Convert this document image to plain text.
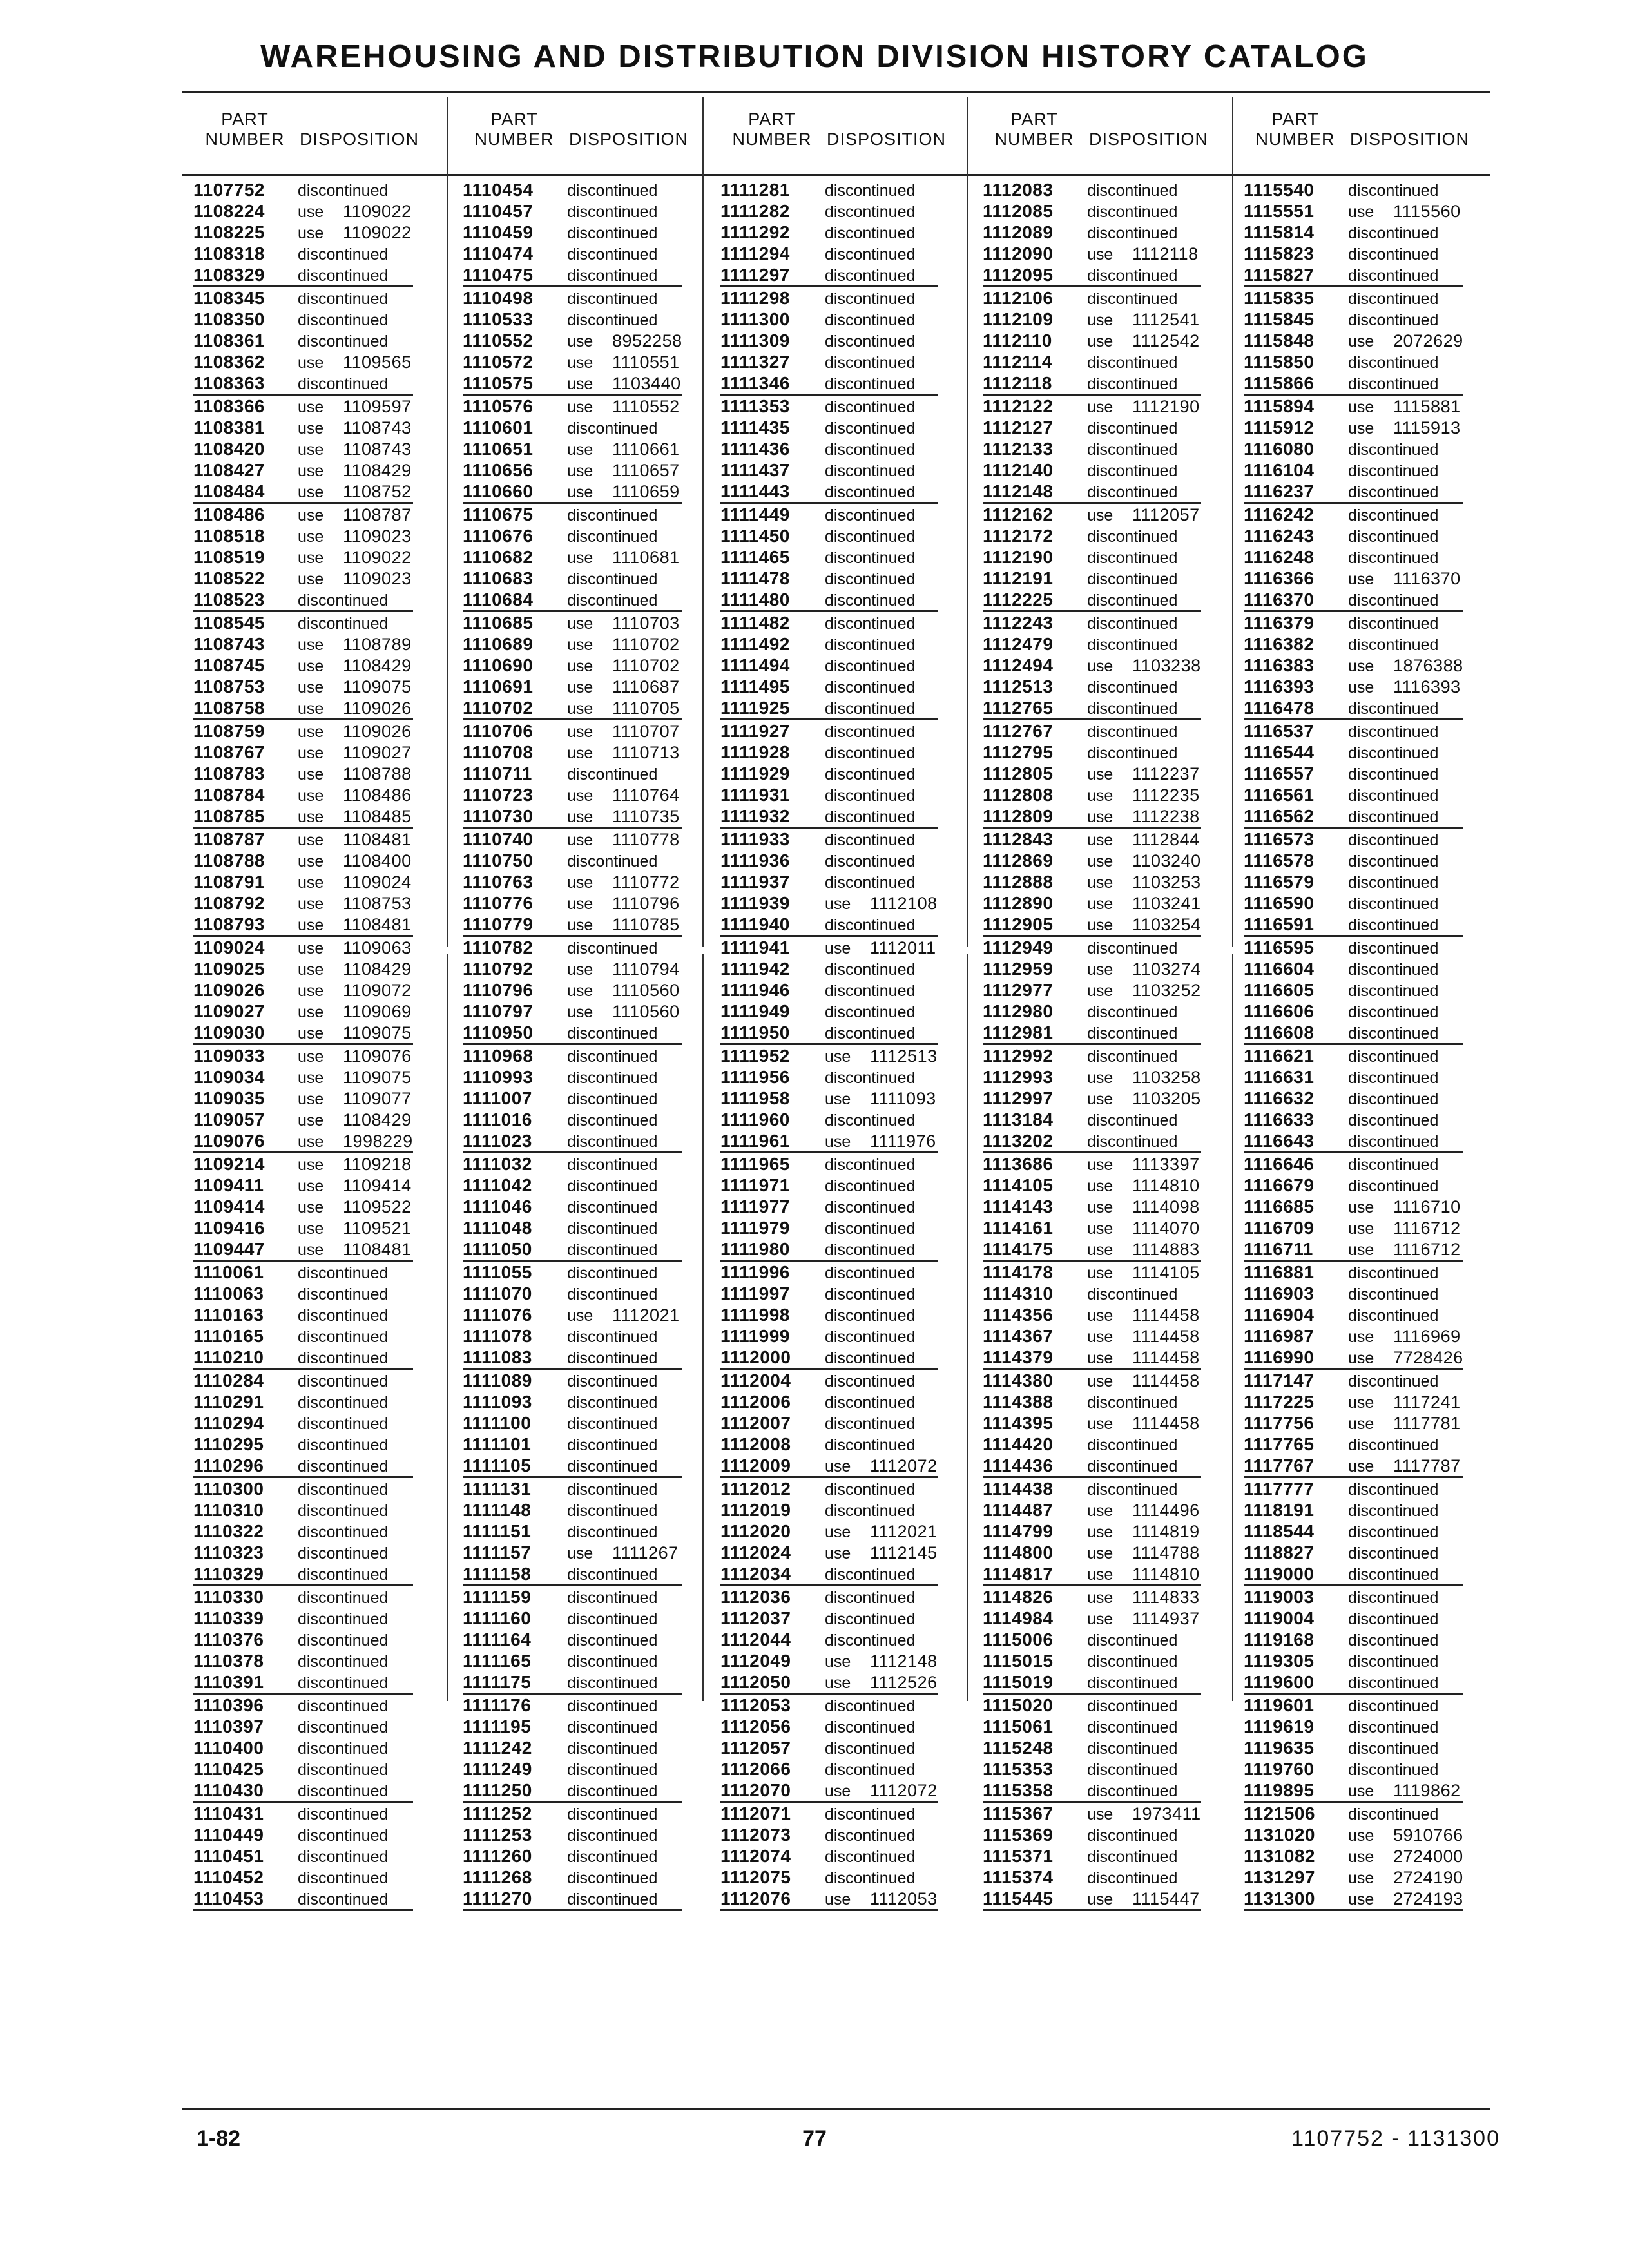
WAREHOUSING AND DISTRIBUTION DIVISION HISTORY CATALOG
PART
NUMBER DISPOSITION
PART
NUMBER DISPOSITION
PART
NUMBER DISPOSITION
PART
NUMBER DISPOSITION
PART
NUMBER DISPOSITION
1107752 discontinued
1108224 use 1109022
1108225 use 1109022
1108318 discontinued
1108329 discontinued
1108345 discontinued
1108350 discontinued
1108361 discontinued
1108362 use 1109565
1108363 discontinued
1108366 use 1109597
1108381 use 1108743
1108420 use 1108743
1108427 use 1108429
1108484 use 1108752
1108486 use 1108787
1108518 use 1109023
1108519 use 1109022
1108522 use 1109023
1108523 discontinued
1108545 discontinued
1108743 use 1108789
1108745 use 1108429
1108753 use 1109075
1108758 use 1109026
1108759 use 1109026
1108767 use 1109027
1108783 use 1108788
1108784 use 1108486
1108785 use 1108485
1108787 use 1108481
1108788 use 1108400
1108791 use 1109024
1108792 use 1108753
1108793 use 1108481
1109024 use 1109063
1109025 use 1108429
1109026 use 1109072
1109027 use 1109069
1109030 use 1109075
1109033 use 1109076
1109034 use 1109075
1109035 use 1109077
1109057 use 1108429
1109076 use 1998229
1109214 use 1109218
1109411 use 1109414
1109414 use 1109522
1109416 use 1109521
1109447 use 1108481
1110061 discontinued
1110063 discontinued
1110163 discontinued
1110165 discontinued
1110210 discontinued
1110284 discontinued
1110291 discontinued
1110294 discontinued
1110295 discontinued
1110296 discontinued
1110300 discontinued
1110310 discontinued
1110322 discontinued
1110323 discontinued
1110329 discontinued
1110330 discontinued
1110339 discontinued
1110376 discontinued
1110378 discontinued
1110391 discontinued
1110396 discontinued
1110397 discontinued
1110400 discontinued
1110425 discontinued
1110430 discontinued
1110431 discontinued
1110449 discontinued
1110451 discontinued
1110452 discontinued
1110453 discontinued
1110454 discontinued
1110457 discontinued
1110459 discontinued
1110474 discontinued
1110475 discontinued
1110498 discontinued
1110533 discontinued
1110552 use 8952258
1110572 use 1110551
1110575 use 1103440
1110576 use 1110552
1110601 discontinued
1110651 use 1110661
1110656 use 1110657
1110660 use 1110659
1110675 discontinued
1110676 discontinued
1110682 use 1110681
1110683 discontinued
1110684 discontinued
1110685 use 1110703
1110689 use 1110702
1110690 use 1110702
1110691 use 1110687
1110702 use 1110705
1110706 use 1110707
1110708 use 1110713
1110711 discontinued
1110723 use 1110764
1110730 use 1110735
1110740 use 1110778
1110750 discontinued
1110763 use 1110772
1110776 use 1110796
1110779 use 1110785
1110782 discontinued
1110792 use 1110794
1110796 use 1110560
1110797 use 1110560
1110950 discontinued
1110968 discontinued
1110993 discontinued
1111007 discontinued
1111016 discontinued
1111023 discontinued
1111032 discontinued
1111042 discontinued
1111046 discontinued
1111048 discontinued
1111050 discontinued
1111055 discontinued
1111070 discontinued
1111076 use 1112021
1111078 discontinued
1111083 discontinued
1111089 discontinued
1111093 discontinued
1111100 discontinued
1111101 discontinued
1111105 discontinued
1111131 discontinued
1111148 discontinued
1111151 discontinued
1111157 use 1111267
1111158 discontinued
1111159 discontinued
1111160 discontinued
1111164 discontinued
1111165 discontinued
1111175 discontinued
1111176 discontinued
1111195 discontinued
1111242 discontinued
1111249 discontinued
1111250 discontinued
1111252 discontinued
1111253 discontinued
1111260 discontinued
1111268 discontinued
1111270 discontinued
1111281 discontinued
1111282 discontinued
1111292 discontinued
1111294 discontinued
1111297 discontinued
1111298 discontinued
1111300 discontinued
1111309 discontinued
1111327 discontinued
1111346 discontinued
1111353 discontinued
1111435 discontinued
1111436 discontinued
1111437 discontinued
1111443 discontinued
1111449 discontinued
1111450 discontinued
1111465 discontinued
1111478 discontinued
1111480 discontinued
1111482 discontinued
1111492 discontinued
1111494 discontinued
1111495 discontinued
1111925 discontinued
1111927 discontinued
1111928 discontinued
1111929 discontinued
1111931 discontinued
1111932 discontinued
1111933 discontinued
1111936 discontinued
1111937 discontinued
1111939 use 1112108
1111940 discontinued
1111941 use 1112011
1111942 discontinued
1111946 discontinued
1111949 discontinued
1111950 discontinued
1111952 use 1112513
1111956 discontinued
1111958 use 1111093
1111960 discontinued
1111961 use 1111976
1111965 discontinued
1111971 discontinued
1111977 discontinued
1111979 discontinued
1111980 discontinued
1111996 discontinued
1111997 discontinued
1111998 discontinued
1111999 discontinued
1112000 discontinued
1112004 discontinued
1112006 discontinued
1112007 discontinued
1112008 discontinued
1112009 use 1112072
1112012 discontinued
1112019 discontinued
1112020 use 1112021
1112024 use 1112145
1112034 discontinued
1112036 discontinued
1112037 discontinued
1112044 discontinued
1112049 use 1112148
1112050 use 1112526
1112053 discontinued
1112056 discontinued
1112057 discontinued
1112066 discontinued
1112070 use 1112072
1112071 discontinued
1112073 discontinued
1112074 discontinued
1112075 discontinued
1112076 use 1112053
1112083 discontinued
1112085 discontinued
1112089 discontinued
1112090 use 1112118
1112095 discontinued
1112106 discontinued
1112109 use 1112541
1112110 use 1112542
1112114 discontinued
1112118 discontinued
1112122 use 1112190
1112127 discontinued
1112133 discontinued
1112140 discontinued
1112148 discontinued
1112162 use 1112057
1112172 discontinued
1112190 discontinued
1112191 discontinued
1112225 discontinued
1112243 discontinued
1112479 discontinued
1112494 use 1103238
1112513 discontinued
1112765 discontinued
1112767 discontinued
1112795 discontinued
1112805 use 1112237
1112808 use 1112235
1112809 use 1112238
1112843 use 1112844
1112869 use 1103240
1112888 use 1103253
1112890 use 1103241
1112905 use 1103254
1112949 discontinued
1112959 use 1103274
1112977 use 1103252
1112980 discontinued
1112981 discontinued
1112992 discontinued
1112993 use 1103258
1112997 use 1103205
1113184 discontinued
1113202 discontinued
1113686 use 1113397
1114105 use 1114810
1114143 use 1114098
1114161 use 1114070
1114175 use 1114883
1114178 use 1114105
1114310 discontinued
1114356 use 1114458
1114367 use 1114458
1114379 use 1114458
1114380 use 1114458
1114388 discontinued
1114395 use 1114458
1114420 discontinued
1114436 discontinued
1114438 discontinued
1114487 use 1114496
1114799 use 1114819
1114800 use 1114788
1114817 use 1114810
1114826 use 1114833
1114984 use 1114937
1115006 discontinued
1115015 discontinued
1115019 discontinued
1115020 discontinued
1115061 discontinued
1115248 discontinued
1115353 discontinued
1115358 discontinued
1115367 use 1973411
1115369 discontinued
1115371 discontinued
1115374 discontinued
1115445 use 1115447
1115540 discontinued
1115551 use 1115560
1115814 discontinued
1115823 discontinued
1115827 discontinued
1115835 discontinued
1115845 discontinued
1115848 use 2072629
1115850 discontinued
1115866 discontinued
1115894 use 1115881
1115912 use 1115913
1116080 discontinued
1116104 discontinued
1116237 discontinued
1116242 discontinued
1116243 discontinued
1116248 discontinued
1116366 use 1116370
1116370 discontinued
1116379 discontinued
1116382 discontinued
1116383 use 1876388
1116393 use 1116393
1116478 discontinued
1116537 discontinued
1116544 discontinued
1116557 discontinued
1116561 discontinued
1116562 discontinued
1116573 discontinued
1116578 discontinued
1116579 discontinued
1116590 discontinued
1116591 discontinued
1116595 discontinued
1116604 discontinued
1116605 discontinued
1116606 discontinued
1116608 discontinued
1116621 discontinued
1116631 discontinued
1116632 discontinued
1116633 discontinued
1116643 discontinued
1116646 discontinued
1116679 discontinued
1116685 use 1116710
1116709 use 1116712
1116711 use 1116712
1116881 discontinued
1116903 discontinued
1116904 discontinued
1116987 use 1116969
1116990 use 7728426
1117147 discontinued
1117225 use 1117241
1117756 use 1117781
1117765 discontinued
1117767 use 1117787
1117777 discontinued
1118191 discontinued
1118544 discontinued
1118827 discontinued
1119000 discontinued
1119003 discontinued
1119004 discontinued
1119168 discontinued
1119305 discontinued
1119600 discontinued
1119601 discontinued
1119619 discontinued
1119635 discontinued
1119760 discontinued
1119895 use 1119862
1121506 discontinued
1131020 use 5910766
1131082 use 2724000
1131297 use 2724190
1131300 use 2724193
1-82	77	1107752 - 1131300
